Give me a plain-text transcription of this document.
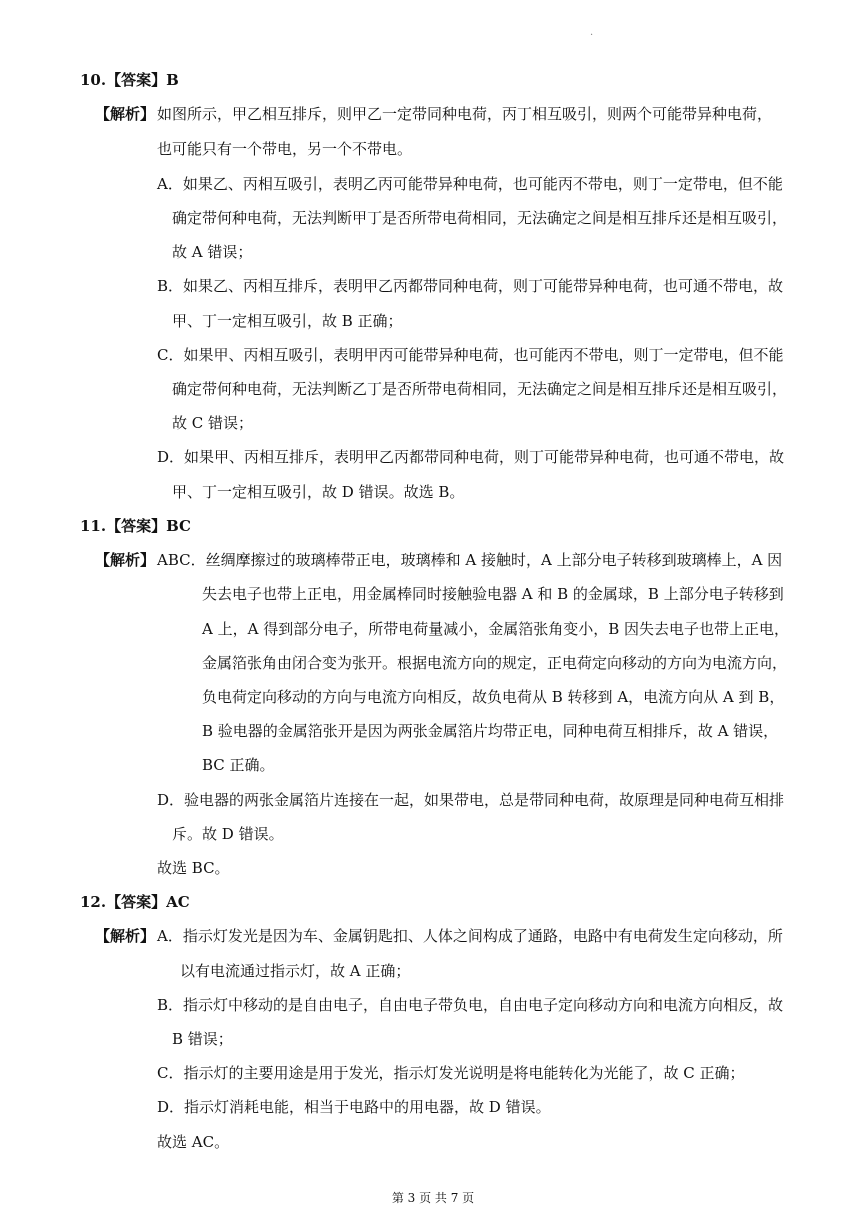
·
10.【答案】B
【解析】 如图所示，甲乙相互排斥，则甲乙一定带同种电荷，丙丁相互吸引，则两个可能带异种电荷，
也可能只有一个带电，另一个不带电。
A．如果乙、丙相互吸引，表明乙丙可能带异种电荷，也可能丙不带电，则丁一定带电，但不能
确定带何种电荷，无法判断甲丁是否所带电荷相同，无法确定之间是相互排斥还是相互吸引，
故 A 错误；
B．如果乙、丙相互排斥，表明甲乙丙都带同种电荷，则丁可能带异种电荷，也可通不带电，故
甲、丁一定相互吸引，故 B 正确；
C．如果甲、丙相互吸引，表明甲丙可能带异种电荷，也可能丙不带电，则丁一定带电，但不能
确定带何种电荷，无法判断乙丁是否所带电荷相同，无法确定之间是相互排斥还是相互吸引，
故 C 错误；
D．如果甲、丙相互排斥，表明甲乙丙都带同种电荷，则丁可能带异种电荷，也可通不带电，故
甲、丁一定相互吸引，故 D 错误。故选 B。
11.【答案】BC
【解析】 ABC．丝绸摩擦过的玻璃棒带正电，玻璃棒和 A 接触时，A 上部分电子转移到玻璃棒上，A 因
失去电子也带上正电，用金属棒同时接触验电器 A 和 B 的金属球，B 上部分电子转移到
A 上，A 得到部分电子，所带电荷量减小，金属箔张角变小，B 因失去电子也带上正电，
金属箔张角由闭合变为张开。根据电流方向的规定，正电荷定向移动的方向为电流方向，
负电荷定向移动的方向与电流方向相反，故负电荷从 B 转移到 A，电流方向从 A 到 B，
B 验电器的金属箔张开是因为两张金属箔片均带正电，同种电荷互相排斥，故 A 错误，
BC 正确。
D．验电器的两张金属箔片连接在一起，如果带电，总是带同种电荷，故原理是同种电荷互相排
斥。故 D 错误。
故选 BC。
12.【答案】AC
【解析】 A．指示灯发光是因为车、金属钥匙扣、人体之间构成了通路，电路中有电荷发生定向移动，所
以有电流通过指示灯，故 A 正确；
B．指示灯中移动的是自由电子，自由电子带负电，自由电子定向移动方向和电流方向相反，故
B 错误；
C．指示灯的主要用途是用于发光，指示灯发光说明是将电能转化为光能了，故 C 正确；
D．指示灯消耗电能，相当于电路中的用电器，故 D 错误。
故选 AC。
第 3 页 共 7 页
